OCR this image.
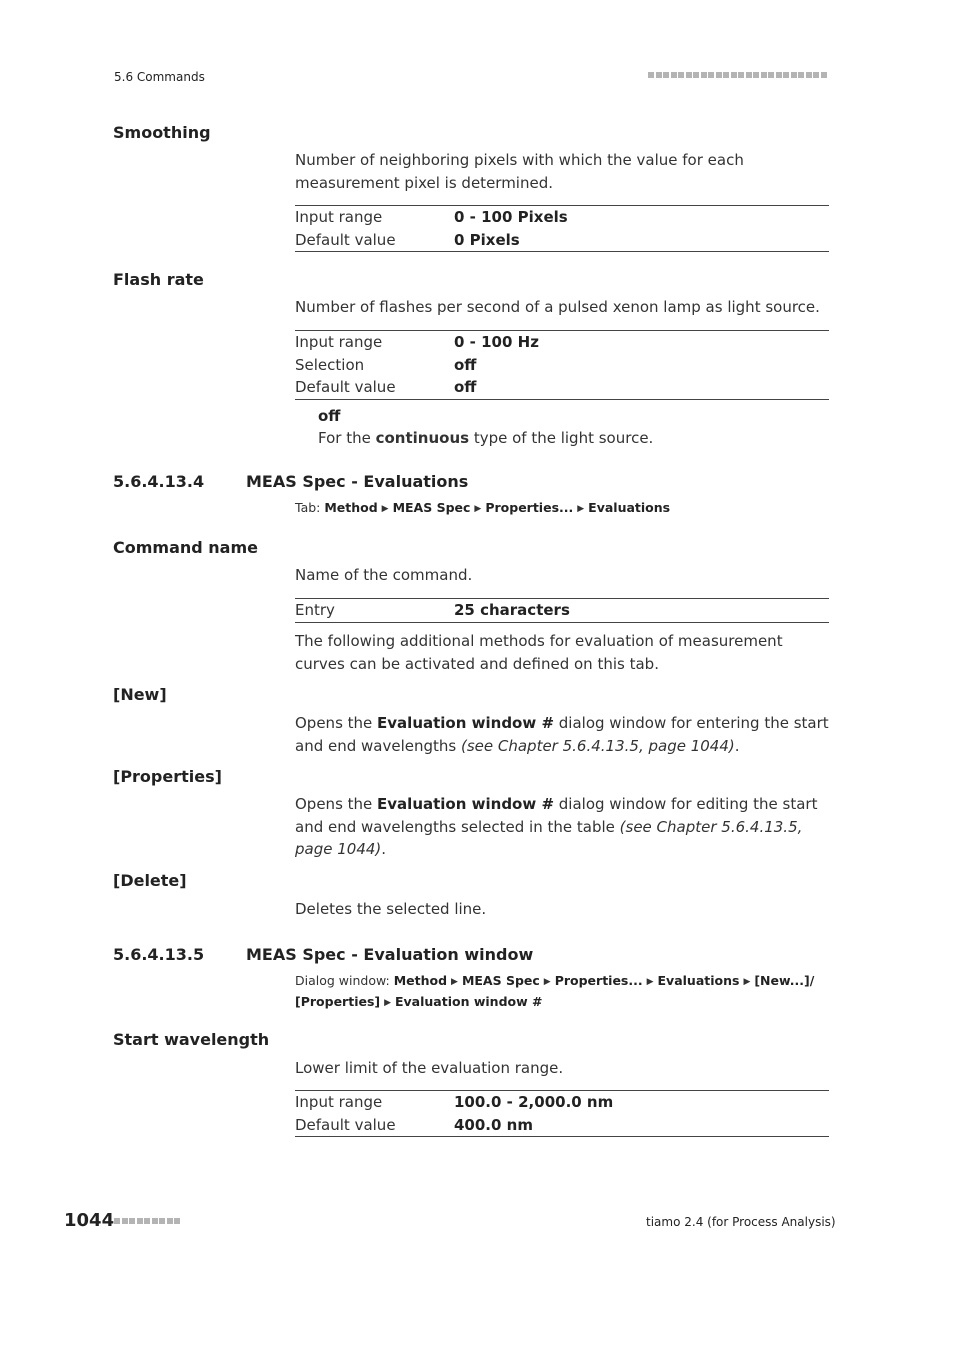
5.6 Commands
Smoothing
Number of neighboring pixels with which the value for each measurement pixel is determined.
Input range	0 - 100 Pixels
Default value	0 Pixels
Flash rate
Number of flashes per second of a pulsed xenon lamp as light source.
Input range	0 - 100 Hz
Selection	off
Default value	off
off
For the continuous type of the light source.
5.6.4.13.4	MEAS Spec - Evaluations
Tab: Method ▶ MEAS Spec ▶ Properties... ▶ Evaluations
Command name
Name of the command.
Entry	25 characters
The following additional methods for evaluation of measurement curves can be activated and defined on this tab.
[New]
Opens the Evaluation window # dialog window for entering the start and end wavelengths (see Chapter 5.6.4.13.5, page 1044).
[Properties]
Opens the Evaluation window # dialog window for editing the start and end wavelengths selected in the table (see Chapter 5.6.4.13.5, page 1044).
[Delete]
Deletes the selected line.
5.6.4.13.5	MEAS Spec - Evaluation window
Dialog window: Method ▶ MEAS Spec ▶ Properties... ▶ Evaluations ▶ [New...]/
[Properties] ▶ Evaluation window #
Start wavelength
Lower limit of the evaluation range.
Input range	100.0 - 2,000.0 nm
Default value	400.0 nm
1044	tiamo 2.4 (for Process Analysis)
